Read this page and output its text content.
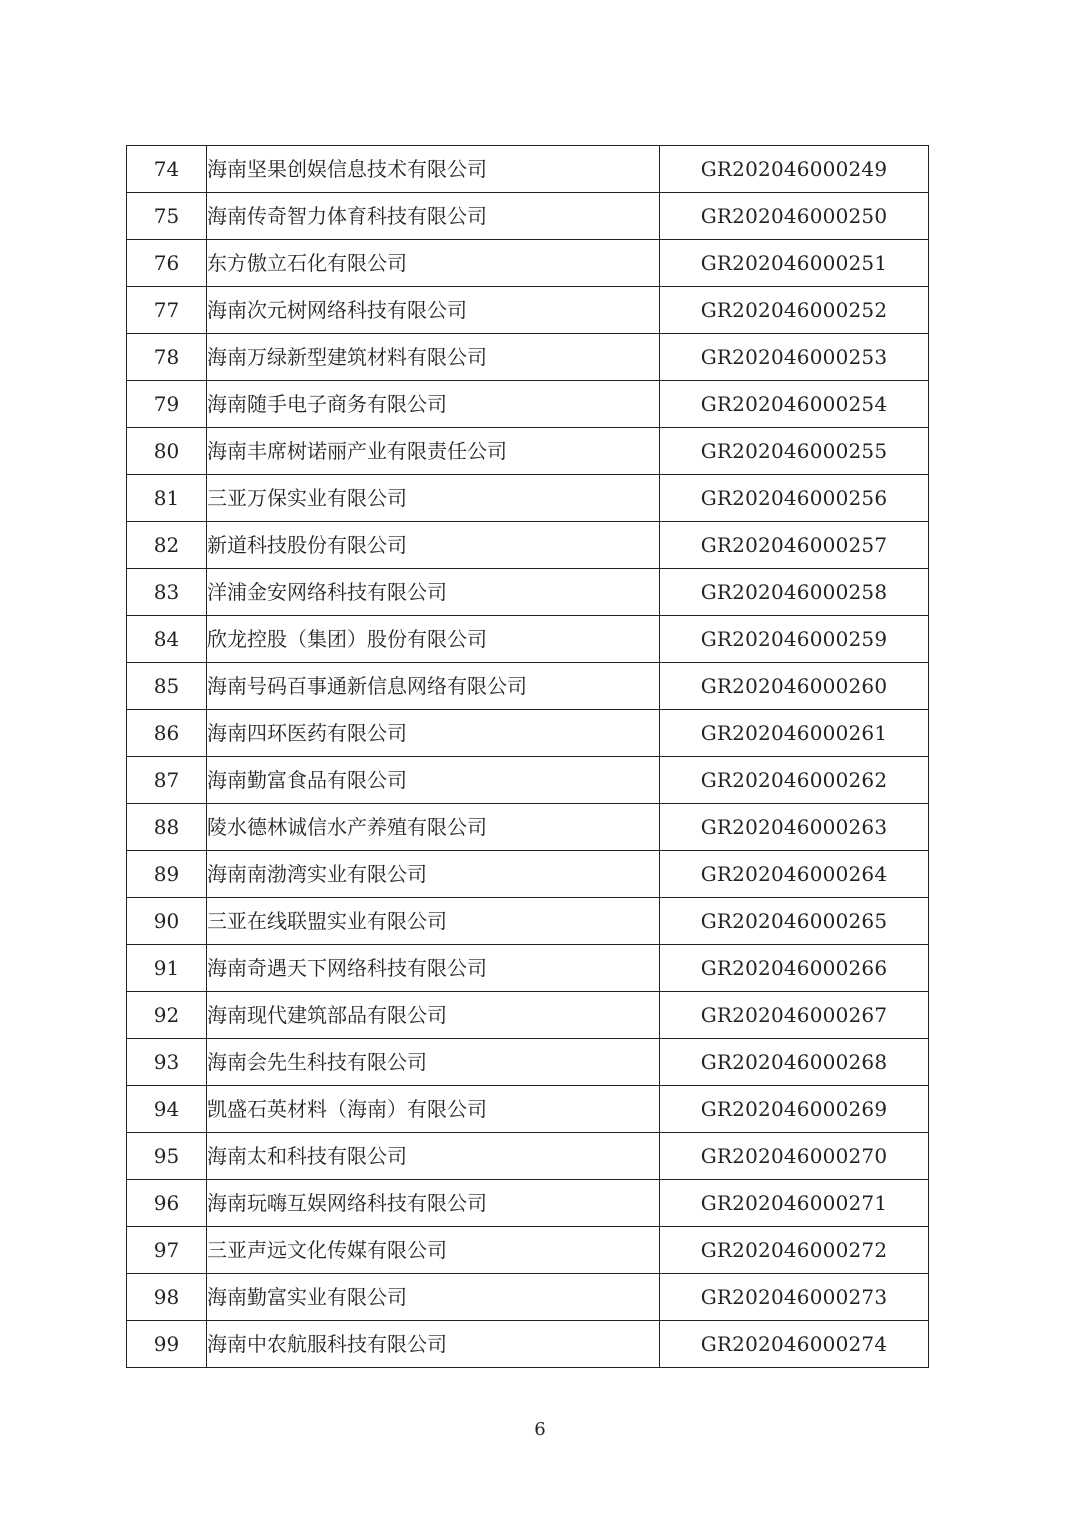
74	海南坚果创娱信息技术有限公司	GR202046000249
75	海南传奇智力体育科技有限公司	GR202046000250
76	东方傲立石化有限公司	GR202046000251
77	海南次元树网络科技有限公司	GR202046000252
78	海南万绿新型建筑材料有限公司	GR202046000253
79	海南随手电子商务有限公司	GR202046000254
80	海南丰席树诺丽产业有限责任公司	GR202046000255
81	三亚万保实业有限公司	GR202046000256
82	新道科技股份有限公司	GR202046000257
83	洋浦金安网络科技有限公司	GR202046000258
84	欣龙控股（集团）股份有限公司	GR202046000259
85	海南号码百事通新信息网络有限公司	GR202046000260
86	海南四环医药有限公司	GR202046000261
87	海南勤富食品有限公司	GR202046000262
88	陵水德林诚信水产养殖有限公司	GR202046000263
89	海南南渤湾实业有限公司	GR202046000264
90	三亚在线联盟实业有限公司	GR202046000265
91	海南奇遇天下网络科技有限公司	GR202046000266
92	海南现代建筑部品有限公司	GR202046000267
93	海南会先生科技有限公司	GR202046000268
94	凯盛石英材料（海南）有限公司	GR202046000269
95	海南太和科技有限公司	GR202046000270
96	海南玩嗨互娱网络科技有限公司	GR202046000271
97	三亚声远文化传媒有限公司	GR202046000272
98	海南勤富实业有限公司	GR202046000273
99	海南中农航服科技有限公司	GR202046000274
6
